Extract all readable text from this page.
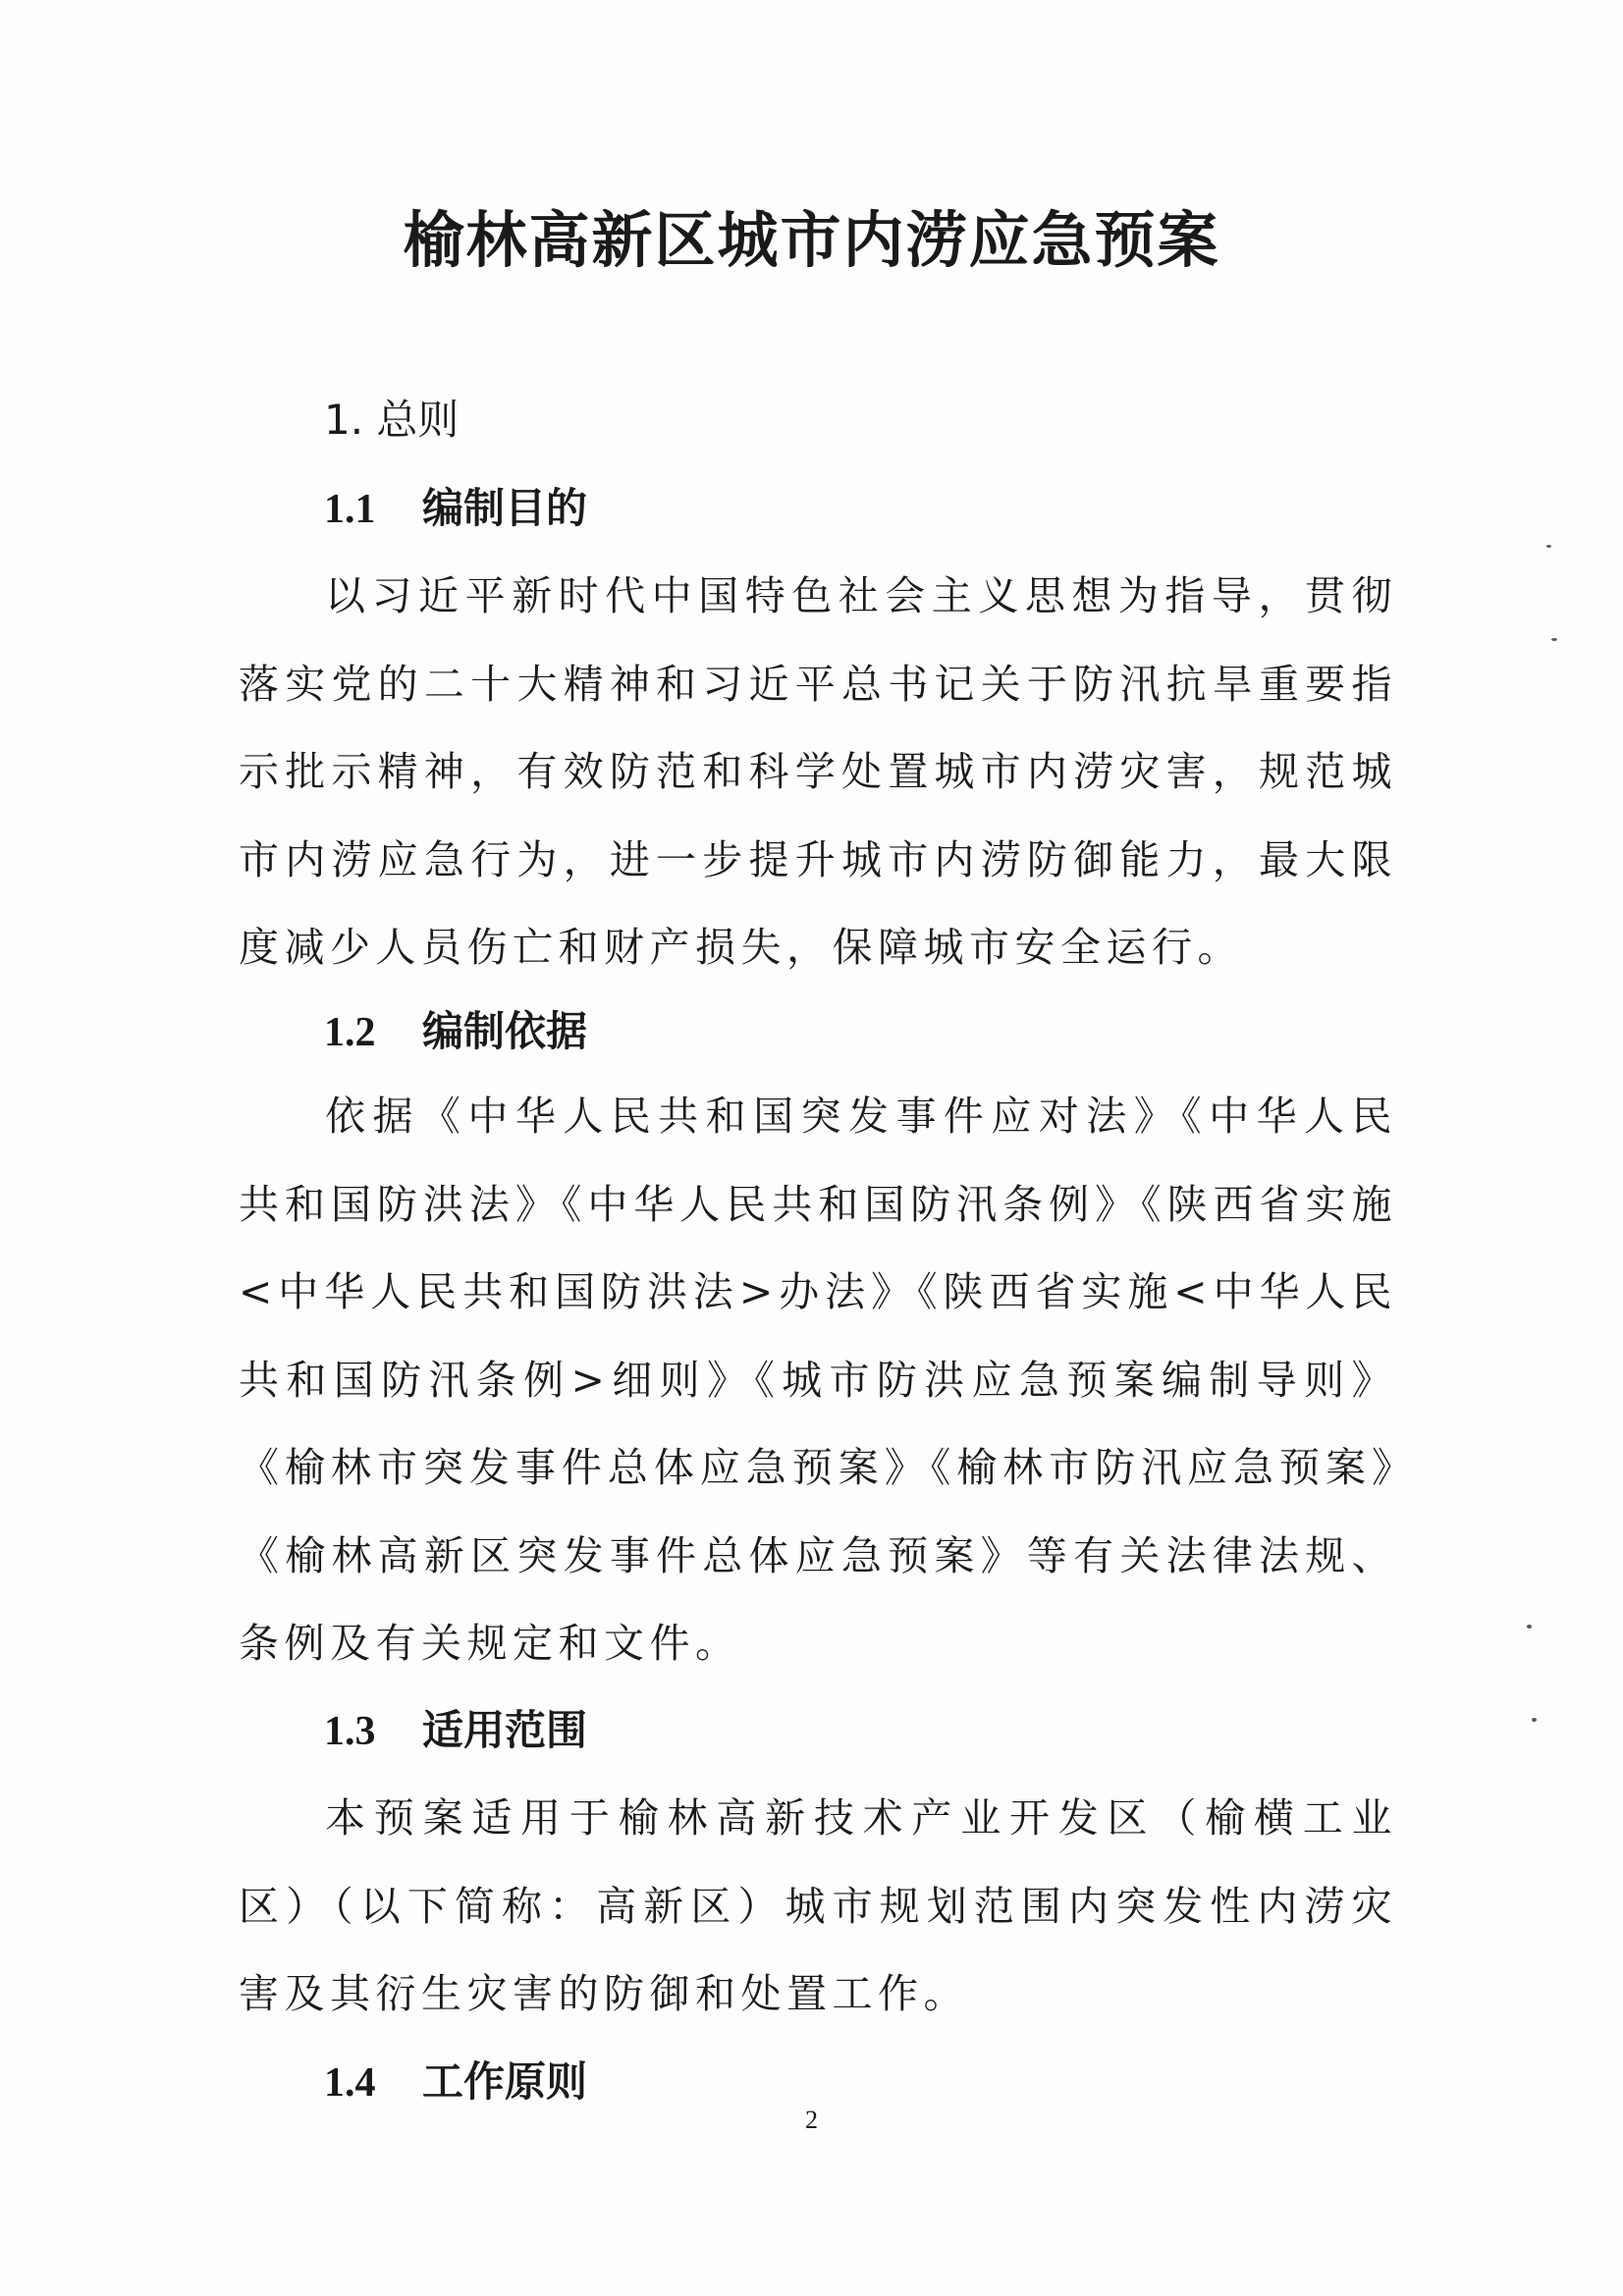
榆林高新区城市内涝应急预案
1. 总则
1.1 编制目的

以习近平新时代中国特色社会主义思想为指导，贯彻落实党的二十大精神和习近平总书记关于防汛抗旱重要指示批示精神，有效防范和科学处置城市内涝灾害，规范城市内涝应急行为，进一步提升城市内涝防御能力，最大限度减少人员伤亡和财产损失，保障城市安全运行。

1.2 编制依据

依据《中华人民共和国突发事件应对法》《中华人民共和国防洪法》《中华人民共和国防汛条例》《陕西省实施<中华人民共和国防洪法>办法》《陕西省实施<中华人民共和国防汛条例>细则》《城市防洪应急预案编制导则》《榆林市突发事件总体应急预案》《榆林市防汛应急预案》《榆林高新区突发事件总体应急预案》等有关法律法规、条例及有关规定和文件。

1.3 适用范围

本预案适用于榆林高新技术产业开发区（榆横工业区）（以下简称：高新区）城市规划范围内突发性内涝灾害及其衍生灾害的防御和处置工作。

1.4 工作原则
2
